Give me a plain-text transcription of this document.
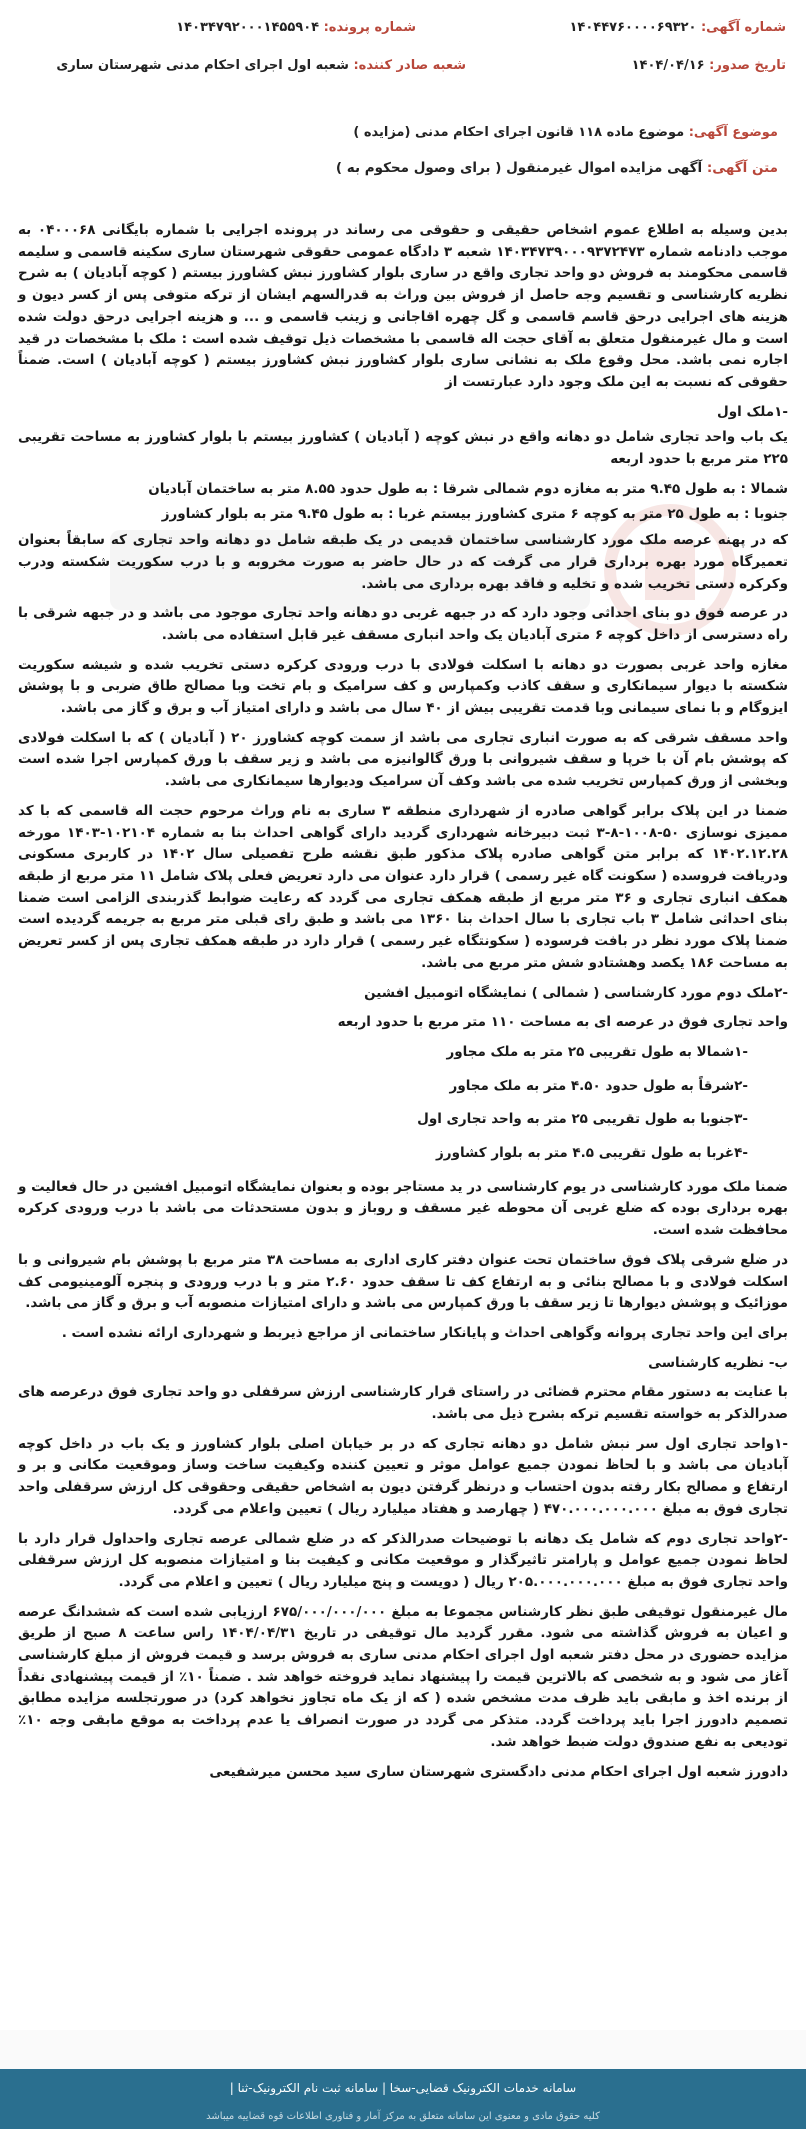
شماره آگهی: ۱۴۰۴۴۷۶۰۰۰۰۶۹۳۲۰
شماره پرونده: ۱۴۰۳۴۷۹۲۰۰۰۱۴۵۵۹۰۴
تاریخ صدور: ۱۴۰۴/۰۴/۱۶
شعبه صادر کننده: شعبه اول اجرای احکام مدنی شهرستان ساری
موضوع آگهی: موضوع ماده ۱۱۸ قانون اجرای احکام مدنی (مزایده )
متن آگهی: آگهی مزایده اموال غیرمنقول ( برای وصول محکوم به )

بدین وسیله به اطلاع عموم اشخاص حقیقی و حقوقی می رساند در پرونده اجرایی با شماره بایگانی ۰۴۰۰۰۶۸ به موجب دادنامه شماره ۱۴۰۳۴۷۳۹۰۰۰۹۳۷۲۴۷۳ شعبه ۳ دادگاه عمومی حقوقی شهرستان ساری سکینه قاسمی و سلیمه قاسمی محکومند به فروش دو واحد تجاری واقع در ساری بلوار کشاورز نبش کشاورز بیستم ( کوچه آبادیان ) به شرح نظریه کارشناسی و تقسیم وجه حاصل از فروش بین وراث به قدرالسهم ایشان از ترکه متوفی پس از کسر دیون و هزینه های اجرایی درحق قاسم قاسمی و گل چهره اقاجانی و زینب قاسمی و ... و هزینه اجرایی درحق دولت شده است و مال غیرمنقول متعلق به آقای حجت اله قاسمی با مشخصات ذیل توقیف شده است : ملک با مشخصات در قید اجاره نمی باشد. محل وقوع ملک به نشانی ساری بلوار کشاورز نبش کشاورز بیستم ( کوچه آبادیان ) است. ضمناً حقوقی که نسبت به این ملک وجود دارد عبارتست از

-۱ملک اول

یک باب واحد تجاری شامل دو دهانه واقع در نبش کوچه ( آبادیان ) کشاورز بیستم با بلوار کشاورز به مساحت تقریبی ۲۲۵ متر مربع با حدود اربعه

شمالا : به طول ۹.۴۵ متر به مغازه دوم شمالی شرقا : به طول حدود ۸.۵۵ متر به ساختمان آبادیان

جنوبا : به طول ۲۵ متر به کوچه ۶ متری کشاورز بیستم غربا : به طول ۹.۴۵ متر به بلوار کشاورز

که در پهنه عرصه ملک مورد کارشناسی ساختمان قدیمی در یک طبقه شامل دو دهانه واحد تجاری که سابقاً بعنوان تعمیرگاه مورد بهره برداری قرار می گرفت که در حال حاضر به صورت مخروبه و با درب سکوریت شکسته ودرب وکرکره دستی تخریب شده و تخلیه و فاقد بهره برداری می باشد.

در عرصه فوق دو بنای احداثی وجود دارد که در جبهه غربی دو دهانه واحد تجاری موجود می باشد و در جبهه شرقی با راه دسترسی از داخل کوچه ۶ متری آبادیان یک واحد انباری مسقف غیر قابل استفاده می باشد.

مغازه واحد غربی بصورت دو دهانه با اسکلت فولادی با درب ورودی کرکره دستی تخریب شده و شیشه سکوریت شکسته با دیوار سیمانکاری و سقف کاذب وکمپارس و کف سرامیک و بام تخت وبا مصالح طاق ضربی و با پوشش ایزوگام و با نمای سیمانی وبا قدمت تقریبی بیش از ۴۰ سال می باشد و دارای امتیاز آب و برق و گاز می باشد.

واحد مسقف شرقی که به صورت انباری تجاری می باشد از سمت کوچه کشاورز ۲۰ ( آبادیان ) که با اسکلت فولادی که پوشش بام آن با خرپا و سقف شیروانی با ورق گالوانیزه می باشد و زیر سقف با ورق کمپارس اجرا شده است وبخشی از ورق کمپارس تخریب شده می باشد وکف آن سرامیک ودیوارها سیمانکاری می باشد.

ضمنا در این پلاک برابر گواهی صادره از شهرداری منطقه ۳ ساری به نام وراث مرحوم حجت اله قاسمی که با کد ممیزی نوسازی ۵۰-۱۰۰۸-۸-۳ ثبت دبیرخانه شهرداری گردید دارای گواهی احداث بنا به شماره ۱۰۲۱۰۴-۱۴۰۳ مورخه ۱۴۰۲.۱۲.۲۸ که برابر متن گواهی صادره پلاک مذکور طبق نقشه طرح تفصیلی سال ۱۴۰۲ در کاربری مسکونی ودریافت فروسده ( سکونت گاه غیر رسمی ) قرار دارد عنوان می دارد تعریض فعلی پلاک شامل ۱۱ متر مربع از طبقه همکف انباری تجاری و ۳۶ متر مربع از طبقه همکف تجاری می گردد که رعایت ضوابط گذربندی الزامی است ضمنا بنای احداثی شامل ۳ باب تجاری با سال احداث بنا ۱۳۶۰ می باشد و طبق رای قبلی متر مربع به جریمه گردیده است ضمنا پلاک مورد نظر در بافت فرسوده ( سکونتگاه غیر رسمی ) قرار دارد در طبقه همکف تجاری پس از کسر تعریض به مساحت ۱۸۶ یکصد وهشتادو شش متر مربع می باشد.

-۲ملک دوم مورد کارشناسی ( شمالی ) نمایشگاه اتومبیل افشین

واحد تجاری فوق در عرصه ای به مساحت ۱۱۰ متر مربع با حدود اربعه

-۱شمالا به طول تقریبی ۲۵ متر به ملک مجاور

-۲شرقاً به طول حدود ۴.۵۰ متر به ملک مجاور

-۳جنوبا به طول تقریبی ۲۵ متر به واحد تجاری اول

-۴غربا به طول تقریبی ۴.۵ متر به بلوار کشاورز

ضمنا ملک مورد کارشناسی در یوم کارشناسی در ید مستاجر بوده و بعنوان نمایشگاه اتومبیل افشین در حال فعالیت و بهره برداری بوده که ضلع غربی آن محوطه غیر مسقف و روباز و بدون مستحدثات می باشد با درب ورودی کرکره محافظت شده است.

در ضلع شرقی پلاک فوق ساختمان تحت عنوان دفتر کاری اداری به مساحت ۳۸ متر مربع با پوشش بام شیروانی و با اسکلت فولادی و با مصالح بنائی و به ارتفاع کف تا سقف حدود ۲.۶۰ متر و با درب ورودی و پنجره آلومینیومی کف موزائیک و پوشش دیوارها تا زیر سقف با ورق کمپارس می باشد و دارای امتیازات منصوبه آب و برق و گاز می باشد.

برای این واحد تجاری پروانه وگواهی احداث و پایانکار ساختمانی از مراجع ذیربط و شهرداری ارائه نشده است .

ب- نظریه کارشناسی

با عنایت به دستور مقام محترم قضائی در راستای قرار کارشناسی ارزش سرقفلی دو واحد تجاری فوق درعرصه های صدرالذکر به خواسته تقسیم ترکه بشرح ذیل می باشد.

-۱واحد تجاری اول سر نبش شامل دو دهانه تجاری که در بر خیابان اصلی بلوار کشاورز و یک باب در داخل کوچه آبادیان می باشد و با لحاظ نمودن جمیع عوامل موثر و تعیین کننده وکیفیت ساخت وساز وموقعیت مکانی و بر و ارتفاع و مصالح بکار رفته بدون احتساب و درنظر گرفتن دیون به اشخاص حقیقی وحقوقی کل ارزش سرقفلی واحد تجاری فوق به مبلغ ۴۷۰.۰۰۰.۰۰۰.۰۰۰ ( چهارصد و هفتاد میلیارد ریال ) تعیین واعلام می گردد.

-۲واحد تجاری دوم که شامل یک دهانه با توضیحات صدرالذکر که در ضلع شمالی عرصه تجاری واحداول قرار دارد با لحاظ نمودن جمیع عوامل و پارامتر تاثیرگذار و موقعیت مکانی و کیفیت بنا و امتیازات منصوبه کل ارزش سرقفلی واحد تجاری فوق به مبلغ ۲۰۵.۰۰۰.۰۰۰.۰۰۰ ریال ( دویست و پنج میلیارد ریال ) تعیین و اعلام می گردد.

مال غیرمنقول توقیفی طبق نظر کارشناس مجموعا به مبلغ ۶۷۵/۰۰۰/۰۰۰/۰۰۰ ارزیابی شده است که ششدانگ عرصه و اعیان به فروش گذاشته می شود. مقرر گردید مال توقیفی در تاریخ ۱۴۰۴/۰۴/۳۱ راس ساعت ۸ صبح از طریق مزایده حضوری در محل دفتر شعبه اول اجرای احکام مدنی ساری به فروش برسد و قیمت فروش از مبلغ کارشناسی آغاز می شود و به شخصی که بالاترین قیمت را پیشنهاد نماید فروخته خواهد شد . ضمناً ۱۰٪ از قیمت پیشنهادی نقداً از برنده اخذ و مابقی باید ظرف مدت مشخص شده ( که از یک ماه تجاوز نخواهد کرد) در صورتجلسه مزایده مطابق تصمیم دادورز اجرا باید پرداخت گردد. متذکر می گردد در صورت انصراف یا عدم پرداخت به موقع مابقی وجه ۱۰٪ تودیعی به نفع صندوق دولت ضبط خواهد شد.

دادورز شعبه اول اجرای احکام مدنی دادگستری شهرستان ساری سید محسن میرشفیعی

سامانه خدمات الکترونیک قضایی-سخا | سامانه ثبت نام الکترونیک-ثنا |
کلیه حقوق مادی و معنوی این سامانه متعلق به مرکز آمار و فناوری اطلاعات قوه قضاییه میباشد
